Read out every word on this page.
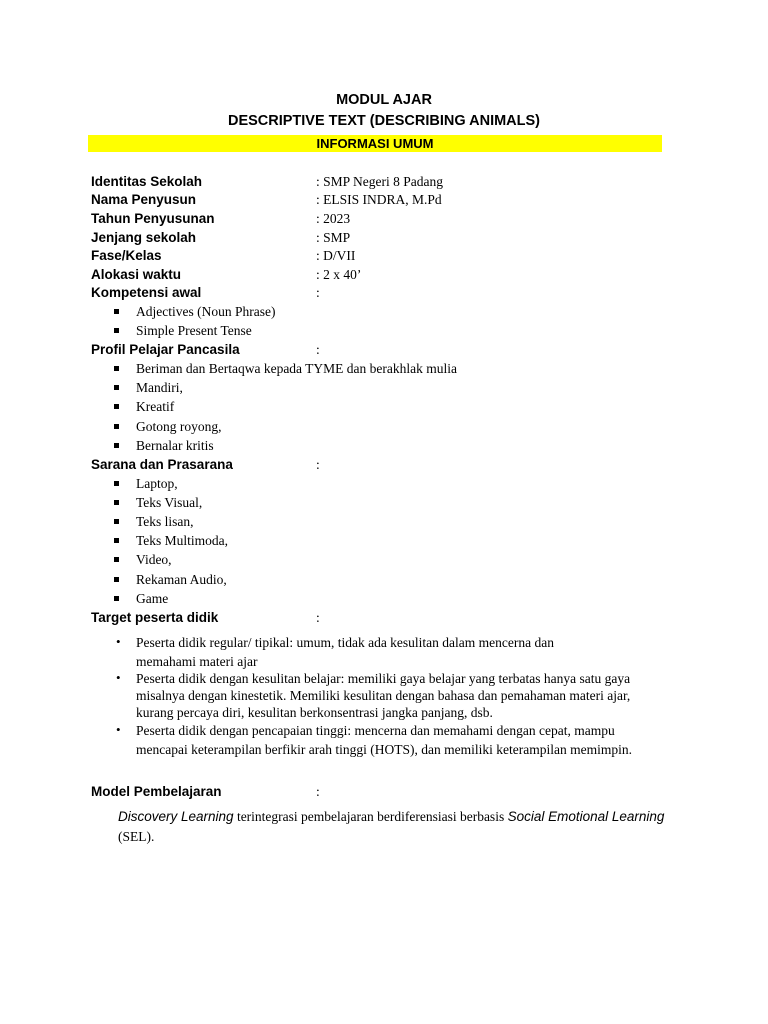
MODUL AJAR
DESCRIPTIVE TEXT (DESCRIBING ANIMALS)
INFORMASI UMUM
Identitas Sekolah	: SMP Negeri 8 Padang
Nama Penyusun	: ELSIS INDRA, M.Pd
Tahun Penyusunan	: 2023
Jenjang sekolah	: SMP
Fase/Kelas	: D/VII
Alokasi waktu	: 2 x 40’
Kompetensi awal	:
Adjectives (Noun Phrase)
Simple Present Tense
Profil Pelajar Pancasila	:
Beriman dan Bertaqwa kepada TYME dan berakhlak mulia
Mandiri,
Kreatif
Gotong royong,
Bernalar kritis
Sarana dan Prasarana	:
Laptop,
Teks Visual,
Teks lisan,
Teks Multimoda,
Video,
Rekaman Audio,
Game
Target peserta didik	:
• Peserta didik regular/ tipikal: umum, tidak ada kesulitan dalam mencerna dan
memahami materi ajar
• Peserta didik dengan kesulitan belajar: memiliki gaya belajar yang terbatas hanya satu gaya
misalnya dengan kinestetik. Memiliki kesulitan dengan bahasa dan pemahaman materi ajar,
kurang percaya diri, kesulitan berkonsentrasi jangka panjang, dsb.
• Peserta didik dengan pencapaian tinggi: mencerna dan memahami dengan cepat, mampu
mencapai keterampilan berfikir arah tinggi (HOTS), dan memiliki keterampilan memimpin.
Model Pembelajaran	:
Discovery Learning terintegrasi pembelajaran berdiferensiasi berbasis Social Emotional Learning
(SEL).
